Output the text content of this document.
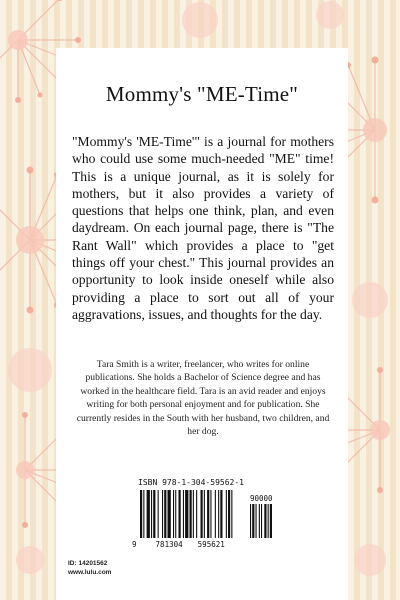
Mommy's "ME-Time"

"Mommy's 'ME-Time'" is a journal for mothers who could use some much-needed "ME" time! This is a unique journal, as it is solely for mothers, but it also provides a variety of questions that helps one think, plan, and even daydream. On each journal page, there is "The Rant Wall" which provides a place to "get things off your chest." This journal provides an opportunity to look inside oneself while also providing a place to sort out all of your aggravations, issues, and thoughts for the day.

Tara Smith is a writer, freelancer, who writes for online publications. She holds a Bachelor of Science degree and has worked in the healthcare field. Tara is an avid reader and enjoys writing for both personal enjoyment and for publication. She currently resides in the South with her husband, two children, and her dog.

ID: 14201562
www.lulu.com
ISBN 978-1-304-59562-1
90000
9	781304 595621
